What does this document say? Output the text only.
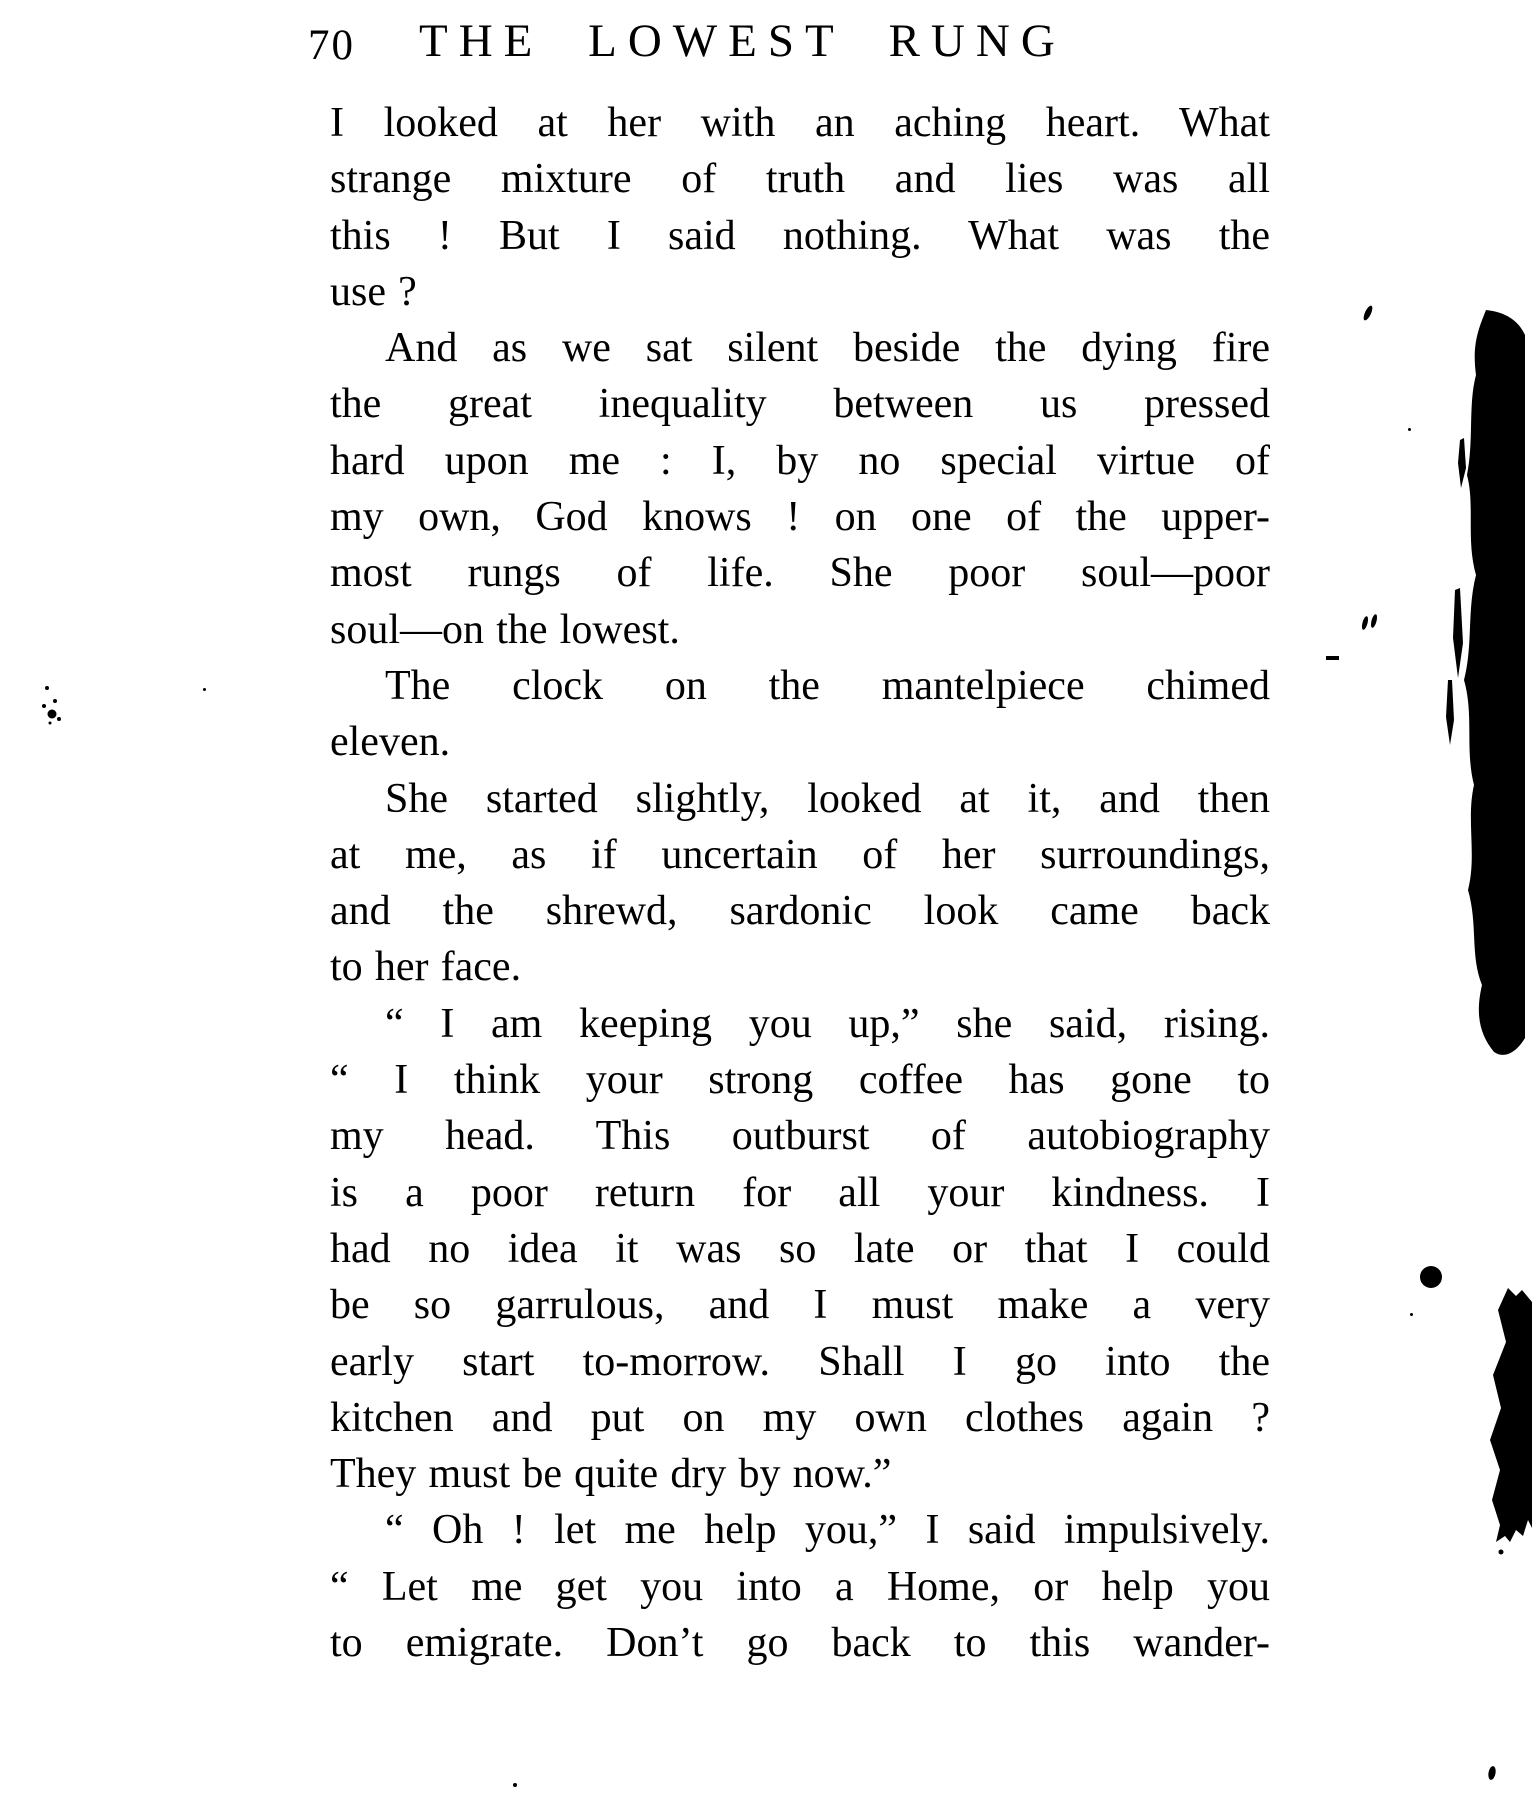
70 THE LOWEST RUNG
I looked at her with an aching heart. What
strange mixture of truth and lies was all
this ! But I said nothing. What was the
use ?
And as we sat silent beside the dying fire
the great inequality between us pressed
hard upon me : I, by no special virtue of
my own, God knows ! on one of the upper-
most rungs of life. She poor soul—poor
soul—on the lowest.
The clock on the mantelpiece chimed
eleven.
She started slightly, looked at it, and then
at me, as if uncertain of her surroundings,
and the shrewd, sardonic look came back
to her face.
“ I am keeping you up,” she said, rising.
“ I think your strong coffee has gone to
my head. This outburst of autobiography
is a poor return for all your kindness. I
had no idea it was so late or that I could
be so garrulous, and I must make a very
early start to-morrow. Shall I go into the
kitchen and put on my own clothes again ?
They must be quite dry by now.”
“ Oh ! let me help you,” I said impulsively.
“ Let me get you into a Home, or help you
to emigrate. Don’t go back to this wander-
